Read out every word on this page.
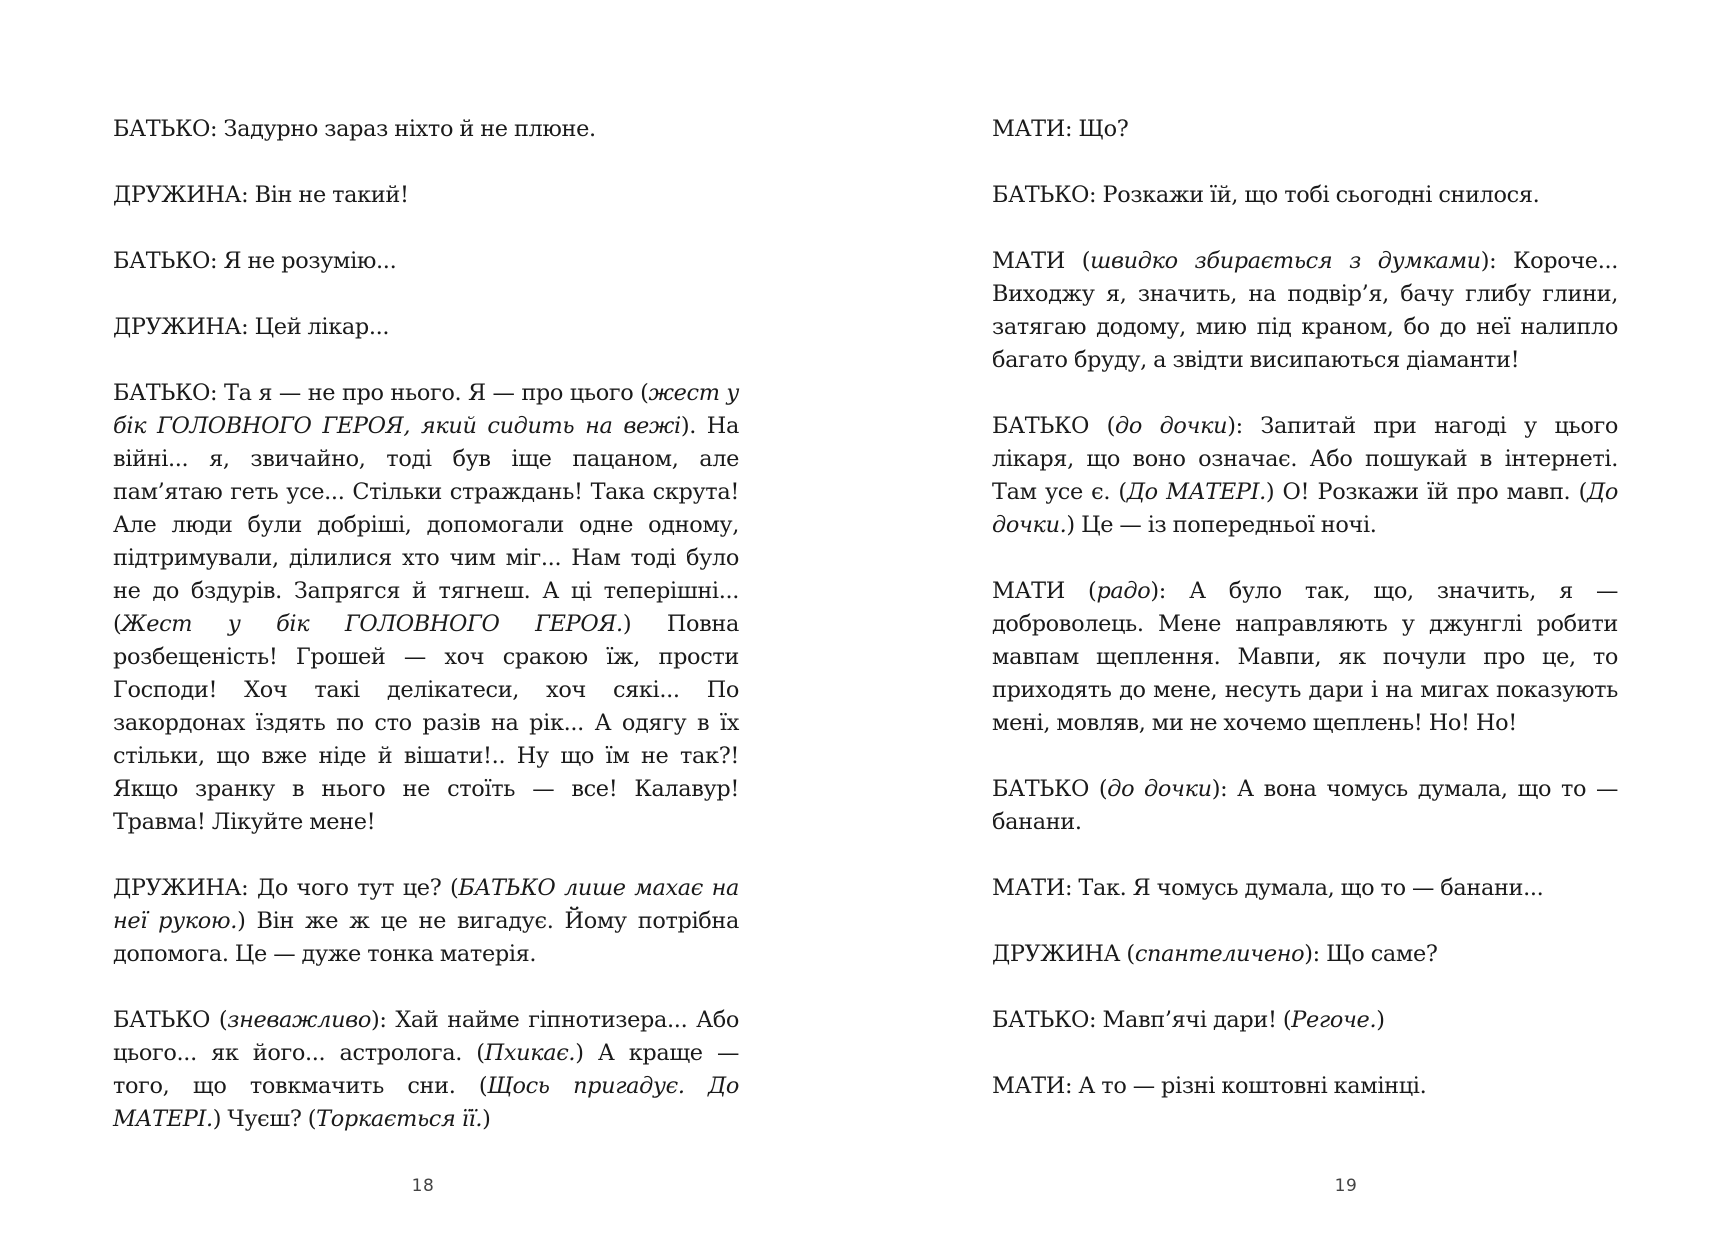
БАТЬКО: Задурно зараз ніхто й не плюне.

ДРУЖИНА: Він не такий!

БАТЬКО: Я не розумію...

ДРУЖИНА: Цей лікар...

БАТЬКО: Та я — не про нього. Я — про цього (жест у бік ГОЛОВНОГО ГЕРОЯ, який сидить на вежі). На війні... я, звичайно, тоді був іще пацаном, але пам’ятаю геть усе... Стільки страждань! Така скрута! Але люди були добріші, допомогали одне одному, підтримували, ділилися хто чим міг... Нам тоді було не до бздурів. Запрягся й тягнеш. А ці теперішні... (Жест у бік ГОЛОВНОГО ГЕРОЯ.) Повна розбещеність! Грошей — хоч сракою їж, прости Господи! Хоч такі делікатеси, хоч сякі... По закордонах їздять по сто разів на рік... А одягу в їх стільки, що вже ніде й вішати!.. Ну що їм не так?! Якщо зранку в нього не стоїть — все! Калавур! Травма! Лікуйте мене!

ДРУЖИНА: До чого тут це? (БАТЬКО лише махає на неї рукою.) Він же ж це не вигадує. Йому потрібна допомога. Це — дуже тонка матерія.

БАТЬКО (зневажливо): Хай найме гіпнотизера... Або цього... як його... астролога. (Пхикає.) А краще — того, що товкмачить сни. (Щось пригадує. До МАТЕРІ.) Чуєш? (Торкається її.)

18

МАТИ: Що?

БАТЬКО: Розкажи їй, що тобі сьогодні снилося.

МАТИ (швидко збирається з думками): Короче... Виходжу я, значить, на подвір’я, бачу глибу глини, затягаю додому, мию під краном, бо до неї налипло багато бруду, а звідти висипаються діаманти!

БАТЬКО (до дочки): Запитай при нагоді у цього лікаря, що воно означає. Або пошукай в інтернеті. Там усе є. (До МАТЕРІ.) О! Розкажи їй про мавп. (До дочки.) Це — із попередньої ночі.

МАТИ (радо): А було так, що, значить, я — доброволець. Мене направляють у джунглі робити мавпам щеплення. Мавпи, як почули про це, то приходять до мене, несуть дари і на мигах показують мені, мовляв, ми не хочемо щеплень! Но! Но!

БАТЬКО (до дочки): А вона чомусь думала, що то — банани.

МАТИ: Так. Я чомусь думала, що то — банани...

ДРУЖИНА (спантеличено): Що саме?

БАТЬКО: Мавп’ячі дари! (Регоче.)

МАТИ: А то — різні коштовні камінці.

19
